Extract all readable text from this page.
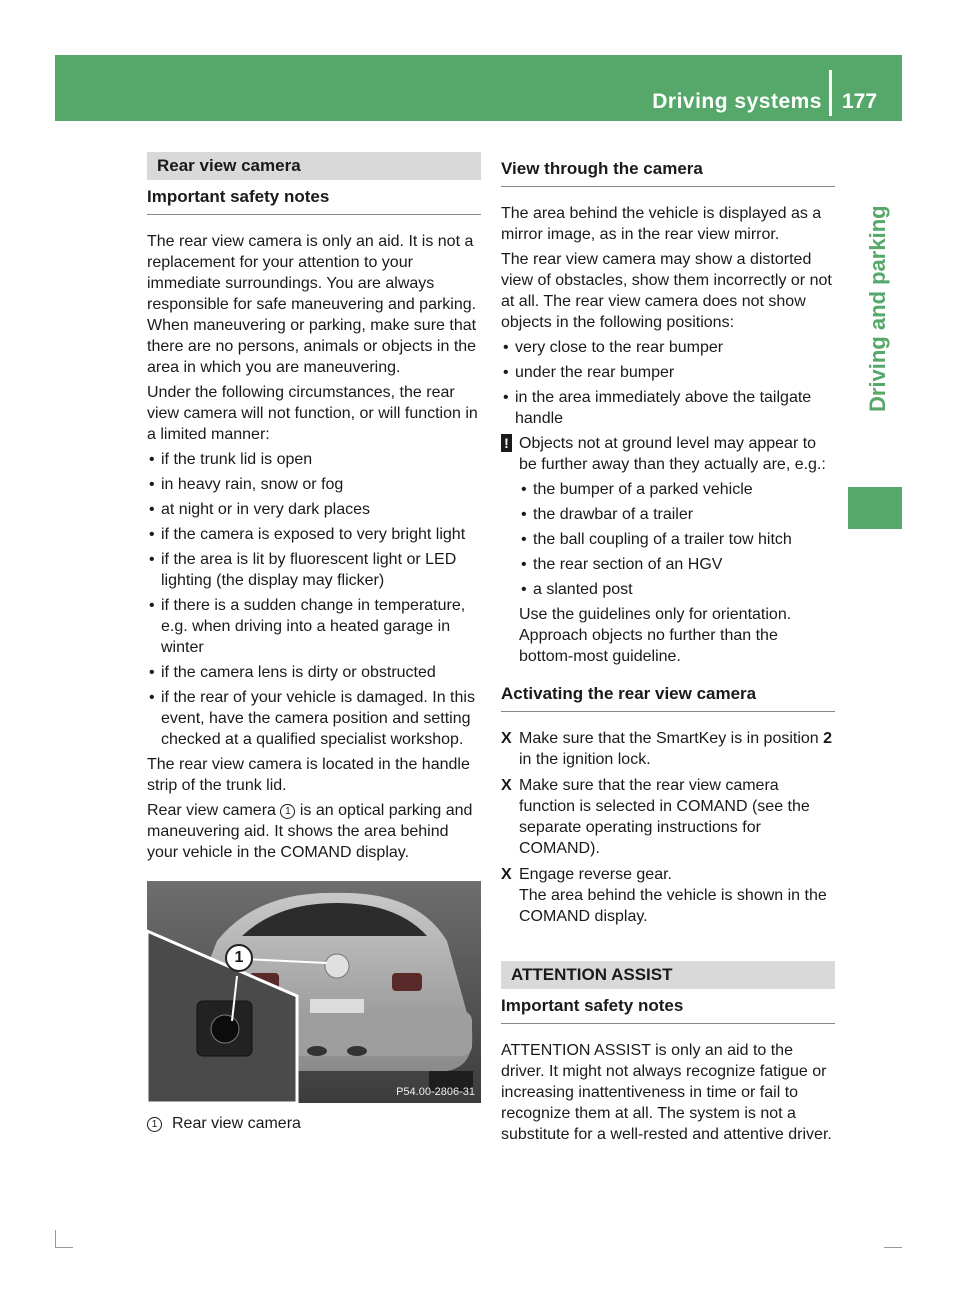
Driving systems 177
Driving and parking
Rear view camera
Important safety notes

The rear view camera is only an aid. It is not a replacement for your attention to your immediate surroundings. You are always responsible for safe maneuvering and parking. When maneuvering or parking, make sure that there are no persons, animals or objects in the area in which you are maneuvering.

Under the following circumstances, the rear view camera will not function, or will function in a limited manner:

• if the trunk lid is open
• in heavy rain, snow or fog
• at night or in very dark places
• if the camera is exposed to very bright light
• if the area is lit by fluorescent light or LED lighting (the display may flicker)
• if there is a sudden change in temperature, e.g. when driving into a heated garage in winter
• if the camera lens is dirty or obstructed
• if the rear of your vehicle is damaged. In this event, have the camera position and setting checked at a qualified specialist workshop.

The rear view camera is located in the handle strip of the trunk lid.

Rear view camera 1 is an optical parking and maneuvering aid. It shows the area behind your vehicle in the COMAND display.

1
P54.00-2806-31
1 Rear view camera
View through the camera

The area behind the vehicle is displayed as a mirror image, as in the rear view mirror.

The rear view camera may show a distorted view of obstacles, show them incorrectly or not at all. The rear view camera does not show objects in the following positions:

• very close to the rear bumper
• under the rear bumper
• in the area immediately above the tailgate handle
! Objects not at ground level may appear to be further away than they actually are, e.g.:
• the bumper of a parked vehicle
• the drawbar of a trailer
• the ball coupling of a trailer tow hitch
• the rear section of an HGV
• a slanted post

Use the guidelines only for orientation. Approach objects no further than the bottom-most guideline.

Activating the rear view camera
X Make sure that the SmartKey is in position 2 in the ignition lock.
X Make sure that the rear view camera function is selected in COMAND (see the separate operating instructions for COMAND).
X Engage reverse gear.
The area behind the vehicle is shown in the COMAND display.
ATTENTION ASSIST
Important safety notes

ATTENTION ASSIST is only an aid to the driver. It might not always recognize fatigue or increasing inattentiveness in time or fail to recognize them at all. The system is not a substitute for a well-rested and attentive driver.
